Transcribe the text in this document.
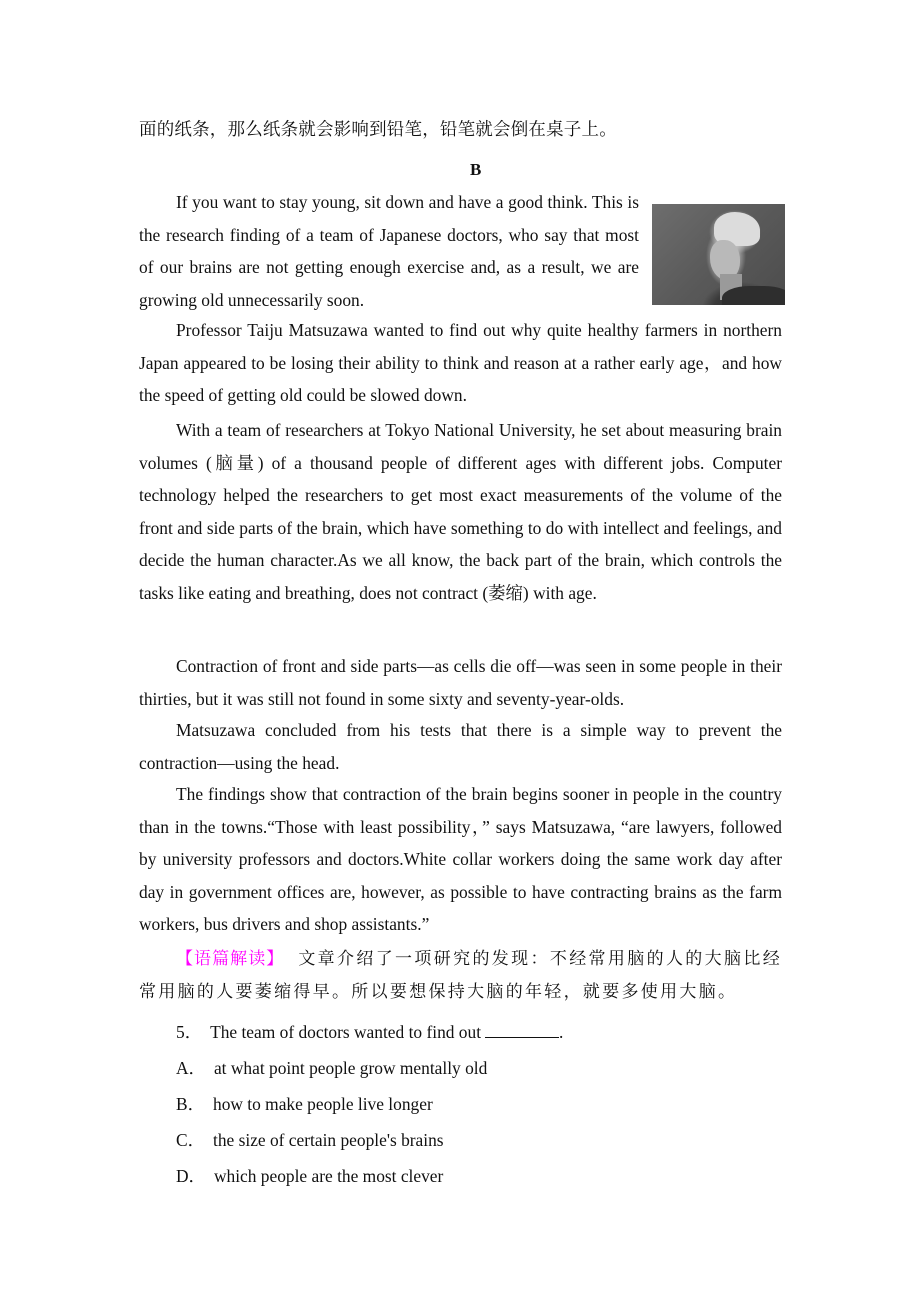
面的纸条，那么纸条就会影响到铅笔，铅笔就会倒在桌子上。
B

If you want to stay young, sit down and have a good think. This is the research finding of a team of Japanese doctors, who say that most of our brains are not getting enough exercise and, as a result, we are growing old unnecessarily soon.

Professor Taiju Matsuzawa wanted to find out why quite healthy farmers in northern Japan appeared to be losing their ability to think and reason at a rather early age，and how the speed of getting old could be slowed down.

With a team of researchers at Tokyo National University, he set about measuring brain volumes (脑量) of a thousand people of different ages with different jobs. Computer technology helped the researchers to get most exact measurements of the volume of the front and side parts of the brain, which have something to do with intellect and feelings, and decide the human character.As we all know, the back part of the brain, which controls the tasks like eating and breathing, does not contract (萎缩) with age.

Contraction of front and side parts—as cells die off—was seen in some people in their thirties, but it was still not found in some sixty and seventy-year-olds.

Matsuzawa concluded from his tests that there is a simple way to prevent the contraction—using the head.

The findings show that contraction of the brain begins sooner in people in the country than in the towns.“Those with least possibility，” says Matsuzawa, “are lawyers, followed by university professors and doctors.White collar workers doing the same work day after day in government offices are, however, as possible to have contracting brains as the farm workers, bus drivers and shop assistants.”

【语篇解读】 文章介绍了一项研究的发现：不经常用脑的人的大脑比经常用脑的人要萎缩得早。所以要想保持大脑的年轻，就要多使用大脑。

5． The team of doctors wanted to find out	.
A． at what point people grow mentally old
B． how to make people live longer
C． the size of certain people's brains
D． which people are the most clever
